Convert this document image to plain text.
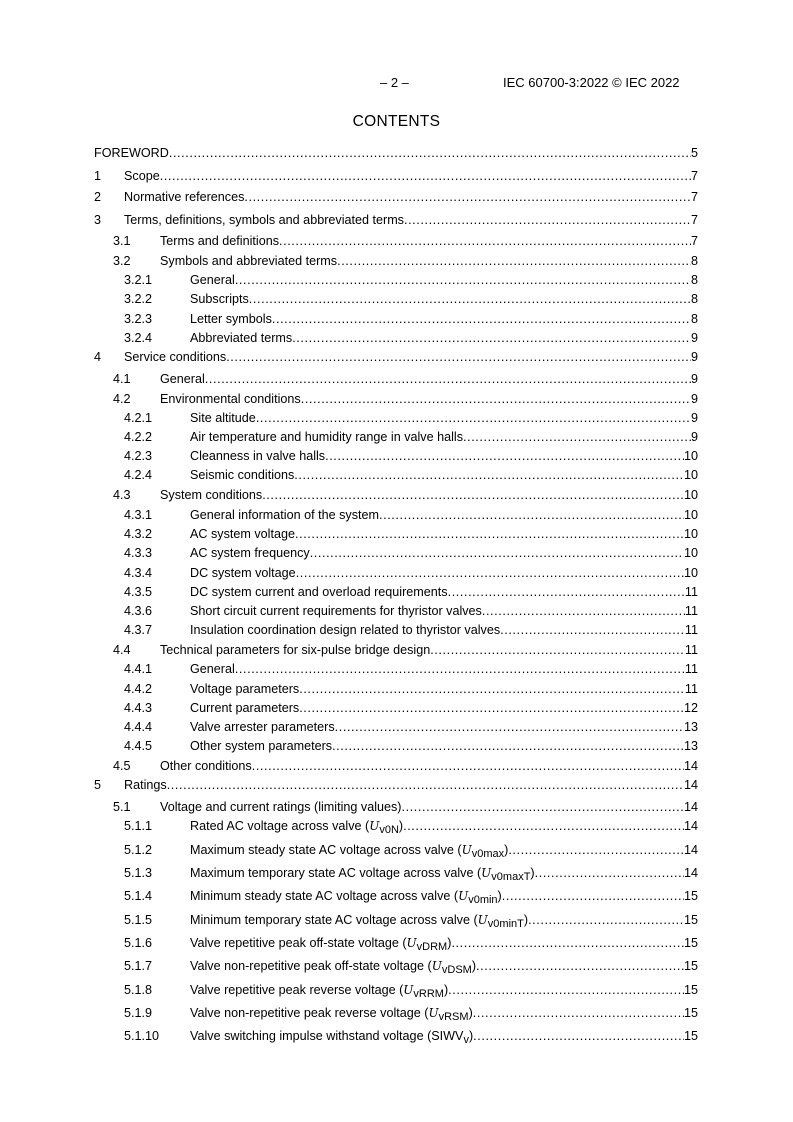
– 2 –	IEC 60700-3:2022 © IEC 2022
CONTENTS
FOREWORD .....	5
1 Scope .....	7
2 Normative references .....	7
3 Terms, definitions, symbols and abbreviated terms .....	7
3.1 Terms and definitions .....	7
3.2 Symbols and abbreviated terms .....	8
3.2.1	General .....	8
3.2.2	Subscripts .....	8
3.2.3	Letter symbols .....	8
3.2.4	Abbreviated terms .....	9
4 Service conditions .....	9
4.1 General .....	9
4.2 Environmental conditions .....	9
4.2.1	Site altitude .....	9
4.2.2	Air temperature and humidity range in valve halls .....	9
4.2.3	Cleanness in valve halls .....	10
4.2.4	Seismic conditions .....	10
4.3 System conditions .....	10
4.3.1	General information of the system .....	10
4.3.2	AC system voltage .....	10
4.3.3	AC system frequency .....	10
4.3.4	DC system voltage .....	10
4.3.5	DC system current and overload requirements .....	11
4.3.6	Short circuit current requirements for thyristor valves .....	11
4.3.7	Insulation coordination design related to thyristor valves .....	11
4.4 Technical parameters for six-pulse bridge design .....	11
4.4.1	General .....	11
4.4.2	Voltage parameters .....	11
4.4.3	Current parameters .....	12
4.4.4	Valve arrester parameters .....	13
4.4.5	Other system parameters .....	13
4.5 Other conditions .....	14
5 Ratings .....	14
5.1 Voltage and current ratings (limiting values) .....	14
5.1.1	Rated AC voltage across valve (Uv0N) .....	14
5.1.2	Maximum steady state AC voltage across valve (Uv0max) .....	14
5.1.3	Maximum temporary state AC voltage across valve (Uv0maxT) .....	14
5.1.4	Minimum steady state AC voltage across valve (Uv0min) .....	15
5.1.5	Minimum temporary state AC voltage across valve (Uv0minT) .....	15
5.1.6	Valve repetitive peak off-state voltage (UvDRM) .....	15
5.1.7	Valve non-repetitive peak off-state voltage (UvDSM) .....	15
5.1.8	Valve repetitive peak reverse voltage (UvRRM) .....	15
5.1.9	Valve non-repetitive peak reverse voltage (UvRSM) .....	15
5.1.10 Valve switching impulse withstand voltage (SIWVv) .....	15
